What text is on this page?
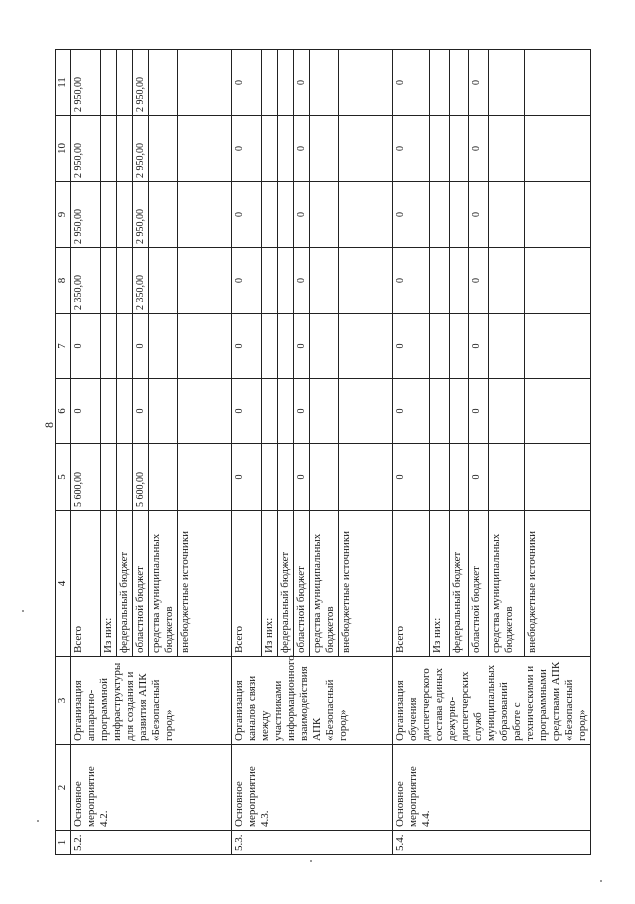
8
1	2	3	4	5	6	7	8	9	10	11
5.2.	Основное мероприятие 4.2.	Организация аппаратно-программной инфраструктуры для создания и развития АПК «Безопасный город»	Всего	5 600,00	0	0	2 350,00	2 950,00	2 950,00	2 950,00
			Из них:							
			федеральный бюджет							
			областной бюджет	5 600,00	0	0	2 350,00	2 950,00	2 950,00	2 950,00
			средства муниципальных бюджетов							
			внебюджетные источники							
5.3.	Основное мероприятие 4.3.	Организация каналов связи между участниками информационного взаимодействия АПК «Безопасный город»	Всего	0	0	0	0	0	0	0
			Из них:							
			федеральный бюджет							
			областной бюджет	0	0	0	0	0	0	0
			средства муниципальных бюджетов							
			внебюджетные источники							
5.4.	Основное мероприятие 4.4.	Организация обучения диспетчерского состава единых дежурно-диспетчерских служб муниципальных образований работе с техническими и программными средствами АПК «Безопасный город»	Всего	0	0	0	0	0	0	0
			Из них:							
			федеральный бюджет							
			областной бюджет	0	0	0	0	0	0	0
			средства муниципальных бюджетов							
			внебюджетные источники							
